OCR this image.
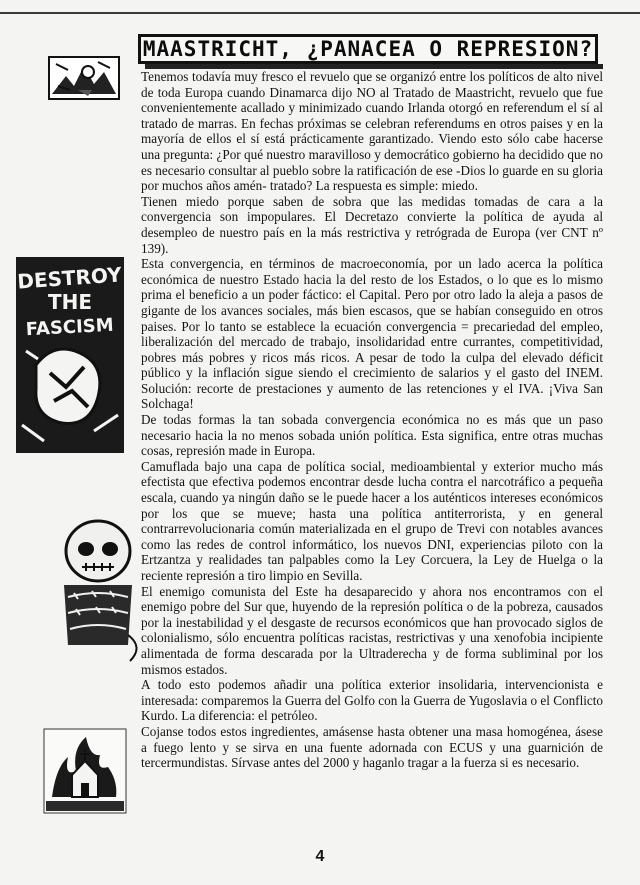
MAASTRICHT, ¿PANACEA O REPRESION?
DESTROY
THE
FASCISM

Tenemos todavía muy fresco el revuelo que se organizó entre los políticos de alto nivel de toda Europa cuando Dinamarca dijo NO al Tratado de Maastricht, revuelo que fue convenientemente acallado y minimizado cuando Irlanda otorgó en referendum el sí al tratado de marras. En fechas próximas se celebran referendums en otros paises y en la mayoría de ellos el sí está prácticamente garantizado. Viendo esto sólo cabe hacerse una pregunta: ¿Por qué nuestro maravilloso y democrático gobierno ha decidido que no es necesario consultar al pueblo sobre la ratificación de ese -Dios lo guarde en su gloria por muchos años amén- tratado? La respuesta es simple: miedo.

Tienen miedo porque saben de sobra que las medidas tomadas de cara a la convergencia son impopulares. El Decretazo convierte la política de ayuda al desempleo de nuestro país en la más restrictiva y retrógrada de Europa (ver CNT nº 139).

Esta convergencia, en términos de macroeconomía, por un lado acerca la política económica de nuestro Estado hacia la del resto de los Estados, o lo que es lo mismo prima el beneficio a un poder fáctico: el Capital. Pero por otro lado la aleja a pasos de gigante de los avances sociales, más bien escasos, que se habían conseguido en otros paises. Por lo tanto se establece la ecuación convergencia = precariedad del empleo, liberalización del mercado de trabajo, insolidaridad entre currantes, competitividad, pobres más pobres y ricos más ricos. A pesar de todo la culpa del elevado déficit público y la inflación sigue siendo el crecimiento de salarios y el gasto del INEM. Solución: recorte de prestaciones y aumento de las retenciones y el IVA. ¡Viva San Solchaga!

De todas formas la tan sobada convergencia económica no es más que un paso necesario hacia la no menos sobada unión política. Esta significa, entre otras muchas cosas, represión made in Europa.

Camuflada bajo una capa de política social, medioambiental y exterior mucho más efectista que efectiva podemos encontrar desde lucha contra el narcotráfico a pequeña escala, cuando ya ningún daño se le puede hacer a los auténticos intereses económicos por los que se mueve; hasta una política antiterrorista, y en general contrarrevolucionaria común materializada en el grupo de Trevi con notables avances como las redes de control informático, los nuevos DNI, experiencias piloto con la Ertzantza y realidades tan palpables como la Ley Corcuera, la Ley de Huelga o la reciente represión a tiro limpio en Sevilla.

El enemigo comunista del Este ha desaparecido y ahora nos encontramos con el enemigo pobre del Sur que, huyendo de la represión política o de la pobreza, causados por la inestabilidad y el desgaste de recursos económicos que han provocado siglos de colonialismo, sólo encuentra políticas racistas, restrictivas y una xenofobia incipiente alimentada de forma descarada por la Ultraderecha y de forma subliminal por los mismos estados.

A todo esto podemos añadir una política exterior insolidaria, intervencionista e interesada: comparemos la Guerra del Golfo con la Guerra de Yugoslavia o el Conflicto Kurdo. La diferencia: el petróleo.

Cojanse todos estos ingredientes, amásense hasta obtener una masa homogénea, ásese a fuego lento y se sirva en una fuente adornada con ECUS y una guarnición de tercermundistas. Sírvase antes del 2000 y haganlo tragar a la fuerza si es necesario.

4
